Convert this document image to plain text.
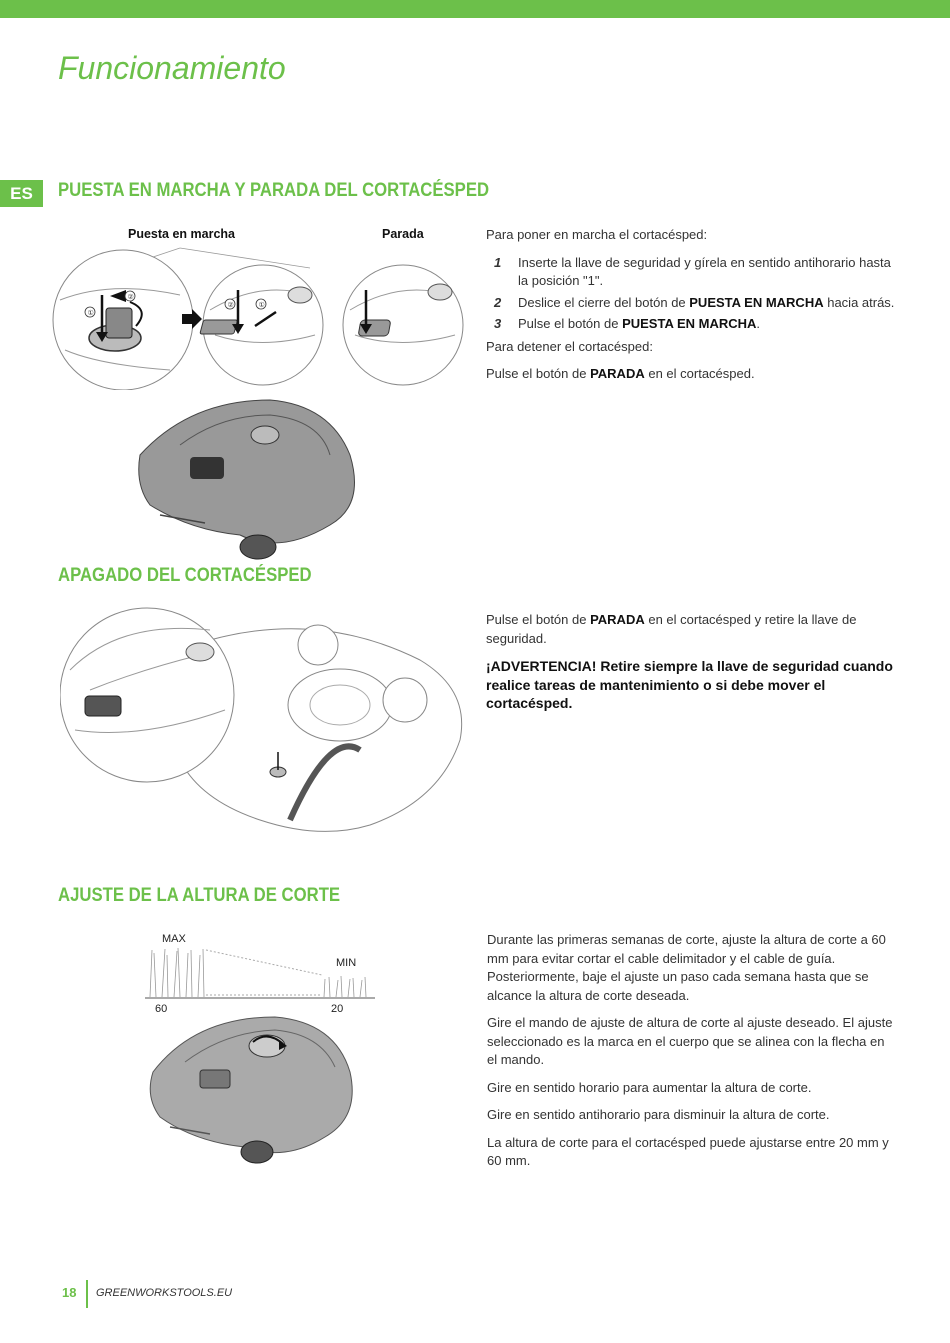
Funcionamiento
ES	PUESTA EN MARCHA Y PARADA DEL CORTACÉSPED
Puesta en marcha	Parada
①
②
②	①

Para poner en marcha el cortacésped:

1 Inserte la llave de seguridad y gírela en sentido antihorario hasta la posición "1".
2 Deslice el cierre del botón de PUESTA EN MARCHA hacia atrás.
3 Pulse el botón de PUESTA EN MARCHA.

Para detener el cortacésped:

Pulse el botón de PARADA en el cortacésped.

APAGADO DEL CORTACÉSPED

Pulse el botón de PARADA en el cortacésped y retire la llave de seguridad.

¡ADVERTENCIA! Retire siempre la llave de seguridad cuando realice tareas de mantenimiento o si debe mover el cortacésped.
AJUSTE DE LA ALTURA DE CORTE
MAX
MIN
60	20

Durante las primeras semanas de corte, ajuste la altura de corte a 60 mm para evitar cortar el cable delimitador y el cable de guía. Posteriormente, baje el ajuste un paso cada semana hasta que se alcance la altura de corte deseada.

Gire el mando de ajuste de altura de corte al ajuste deseado. El ajuste seleccionado es la marca en el cuerpo que se alinea con la flecha en el mando.

Gire en sentido horario para aumentar la altura de corte.

Gire en sentido antihorario para disminuir la altura de corte.

La altura de corte para el cortacésped puede ajustarse entre 20 mm y 60 mm.

18 GREENWORKSTOOLS.EU
